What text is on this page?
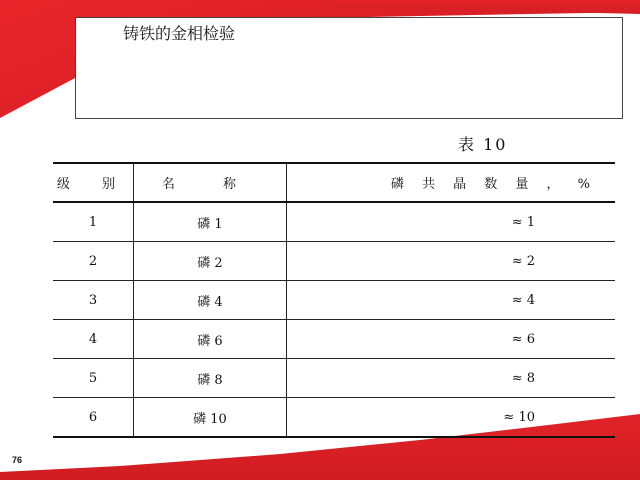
铸铁的金相检验
表 10
级 别	名 称	磷 共 晶 数 量 ， %
1	磷 1	≈ 1
2	磷 2	≈ 2
3	磷 4	≈ 4
4	磷 6	≈ 6
5	磷 8	≈ 8
6	磷 10	≈ 10
76
